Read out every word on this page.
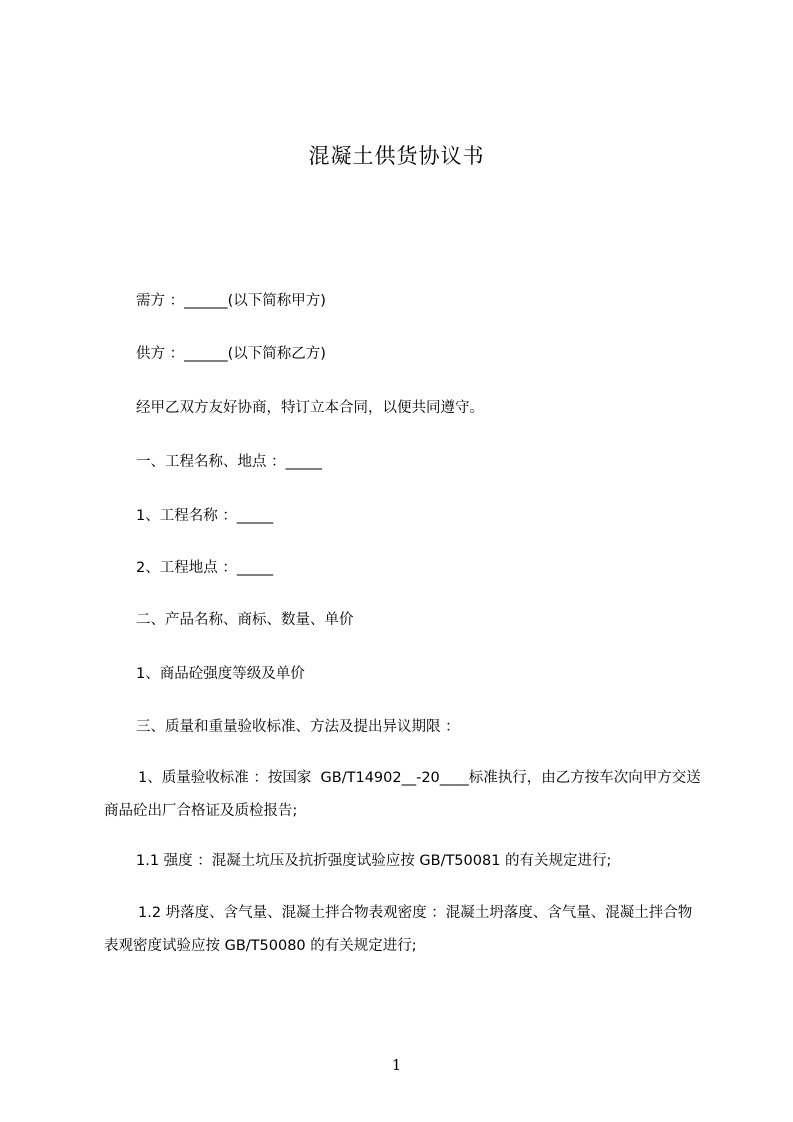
混凝土供货协议书
需方 ：______(以下简称甲方)
供方 ：______(以下简称乙方)
经甲乙双方友好协商，特订立本合同，以便共同遵守。
一、工程名称、地点 ：_____
1、工程名称 ：_____
2、工程地点 ：_____
二、产品名称、商标、数量、单价
1、商品砼强度等级及单价
三、质量和重量验收标准、方法及提出异议期限 ：
1、质量验收标准 ：按国家  GB/T14902__-20____标准执行，由乙方按车次向甲方交送商品砼出厂合格证及质检报告;
1.1 强度 ：混凝土坑压及抗折强度试验应按 GB/T50081 的有关规定进行;
1.2 坍落度、含气量、混凝土拌合物表观密度 ：混凝土坍落度、含气量、混凝土拌合物表观密度试验应按 GB/T50080 的有关规定进行;
1
